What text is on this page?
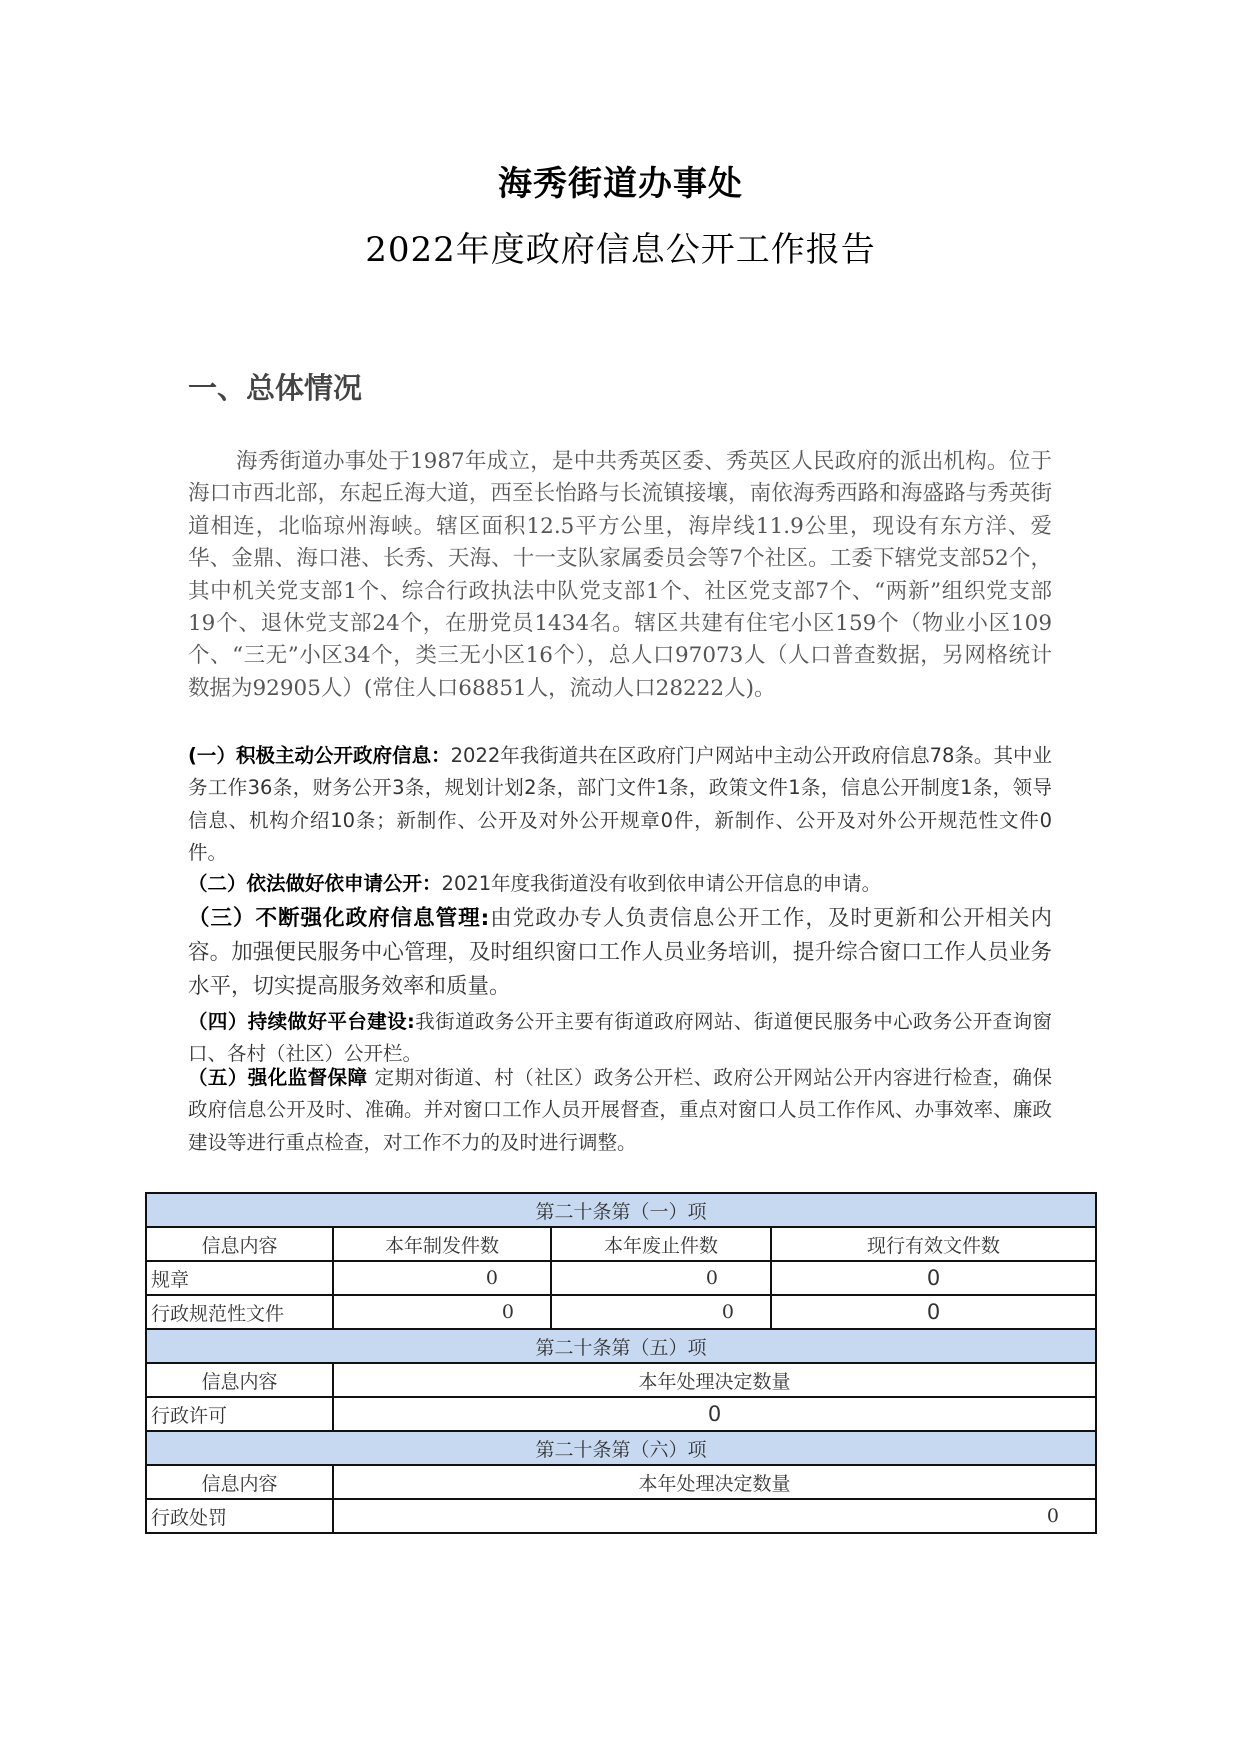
海秀街道办事处
2022年度政府信息公开工作报告
一、总体情况
海秀街道办事处于1987年成立，是中共秀英区委、秀英区人民政府的派出机构。位于海口市西北部，东起丘海大道，西至长怡路与长流镇接壤，南依海秀西路和海盛路与秀英街道相连，北临琼州海峡。辖区面积12.5平方公里，海岸线11.9公里，现设有东方洋、爱华、金鼎、海口港、长秀、天海、十一支队家属委员会等7个社区。工委下辖党支部52个，其中机关党支部1个、综合行政执法中队党支部1个、社区党支部7个、“两新”组织党支部19个、退休党支部24个，在册党员1434名。辖区共建有住宅小区159个（物业小区109个、“三无”小区34个，类三无小区16个），总人口97073人（人口普查数据，另网格统计数据为92905人）(常住人口68851人，流动人口28222人)。
(一）积极主动公开政府信息：2022年我街道共在区政府门户网站中主动公开政府信息78条。其中业务工作36条，财务公开3条，规划计划2条，部门文件1条，政策文件1条，信息公开制度1条，领导信息、机构介绍10条；新制作、公开及对外公开规章0件，新制作、公开及对外公开规范性文件0件。
（二）依法做好依申请公开：2021年度我街道没有收到依申请公开信息的申请。
（三）不断强化政府信息管理:由党政办专人负责信息公开工作，及时更新和公开相关内容。加强便民服务中心管理，及时组织窗口工作人员业务培训，提升综合窗口工作人员业务水平，切实提高服务效率和质量。
（四）持续做好平台建设:我街道政务公开主要有街道政府网站、街道便民服务中心政务公开查询窗口、各村（社区）公开栏。
（五）强化监督保障 定期对街道、村（社区）政务公开栏、政府公开网站公开内容进行检查，确保政府信息公开及时、准确。并对窗口工作人员开展督查，重点对窗口人员工作作风、办事效率、廉政建设等进行重点检查，对工作不力的及时进行调整。
第二十条第（一）项			
信息内容	本年制发件数	本年废止件数	现行有效文件数
规章	0	0	0
行政规范性文件	0	0	0
第二十条第（五）项			
信息内容	本年处理决定数量		
行政许可	0		
第二十条第（六）项			
信息内容	本年处理决定数量		
行政处罚	0		
